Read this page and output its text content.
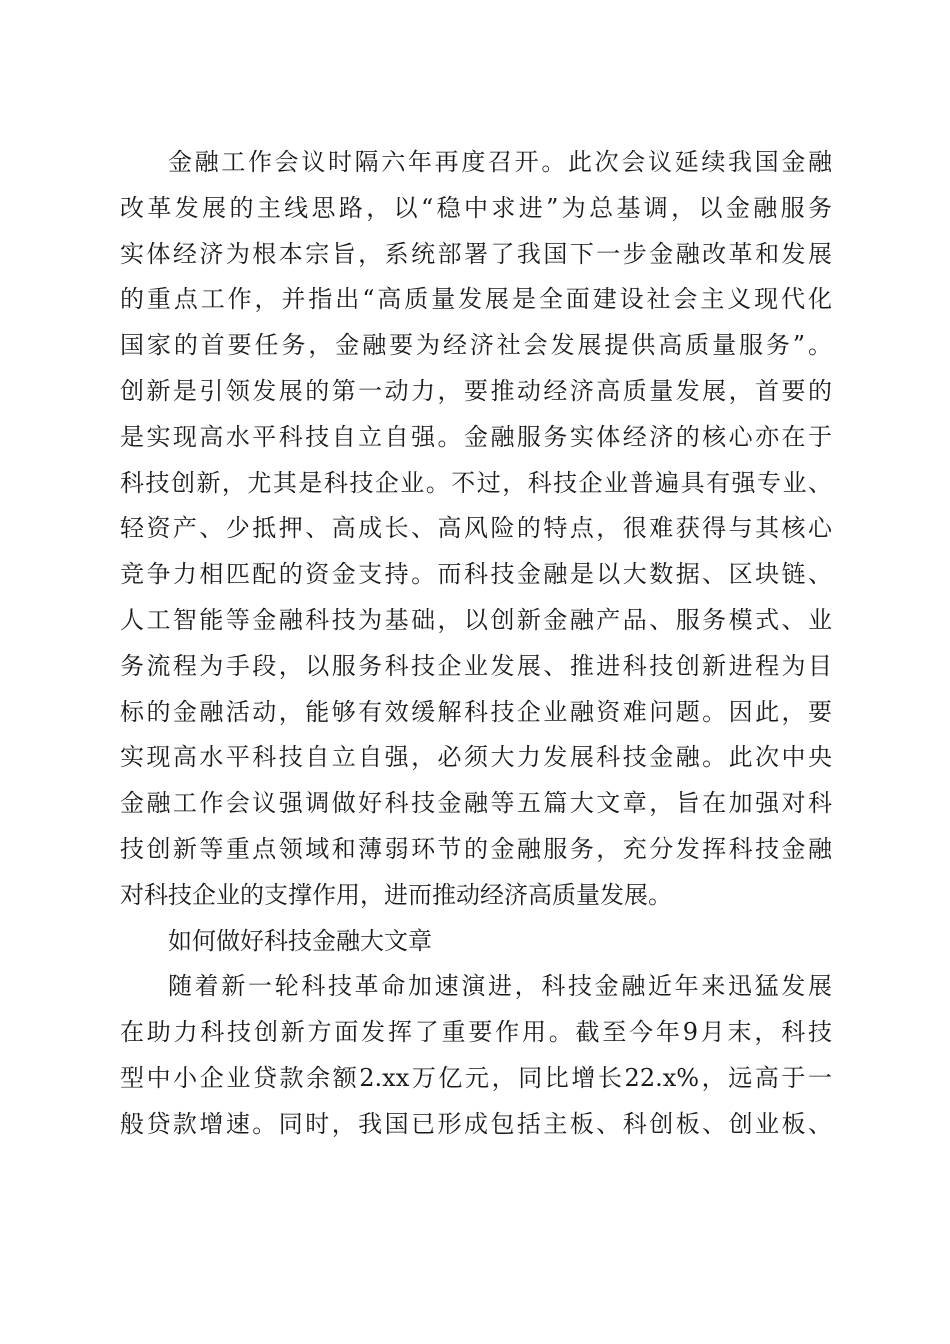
金融工作会议时隔六年再度召开。此次会议延续我国金融
改革发展的主线思路，以“稳中求进”为总基调，以金融服务
实体经济为根本宗旨，系统部署了我国下一步金融改革和发展
的重点工作，并指出“高质量发展是全面建设社会主义现代化
国家的首要任务，金融要为经济社会发展提供高质量服务”。
创新是引领发展的第一动力，要推动经济高质量发展，首要的
是实现高水平科技自立自强。金融服务实体经济的核心亦在于
科技创新，尤其是科技企业。不过，科技企业普遍具有强专业、
轻资产、少抵押、高成长、高风险的特点，很难获得与其核心
竞争力相匹配的资金支持。而科技金融是以大数据、区块链、
人工智能等金融科技为基础，以创新金融产品、服务模式、业
务流程为手段，以服务科技企业发展、推进科技创新进程为目
标的金融活动，能够有效缓解科技企业融资难问题。因此，要
实现高水平科技自立自强，必须大力发展科技金融。此次中央
金融工作会议强调做好科技金融等五篇大文章，旨在加强对科
技创新等重点领域和薄弱环节的金融服务，充分发挥科技金融
对科技企业的支撑作用，进而推动经济高质量发展。
如何做好科技金融大文章
随着新一轮科技革命加速演进，科技金融近年来迅猛发展
在助力科技创新方面发挥了重要作用。截至今年9月末，科技
型中小企业贷款余额2.xx万亿元，同比增长22.x%，远高于一
般贷款增速。同时，我国已形成包括主板、科创板、创业板、
